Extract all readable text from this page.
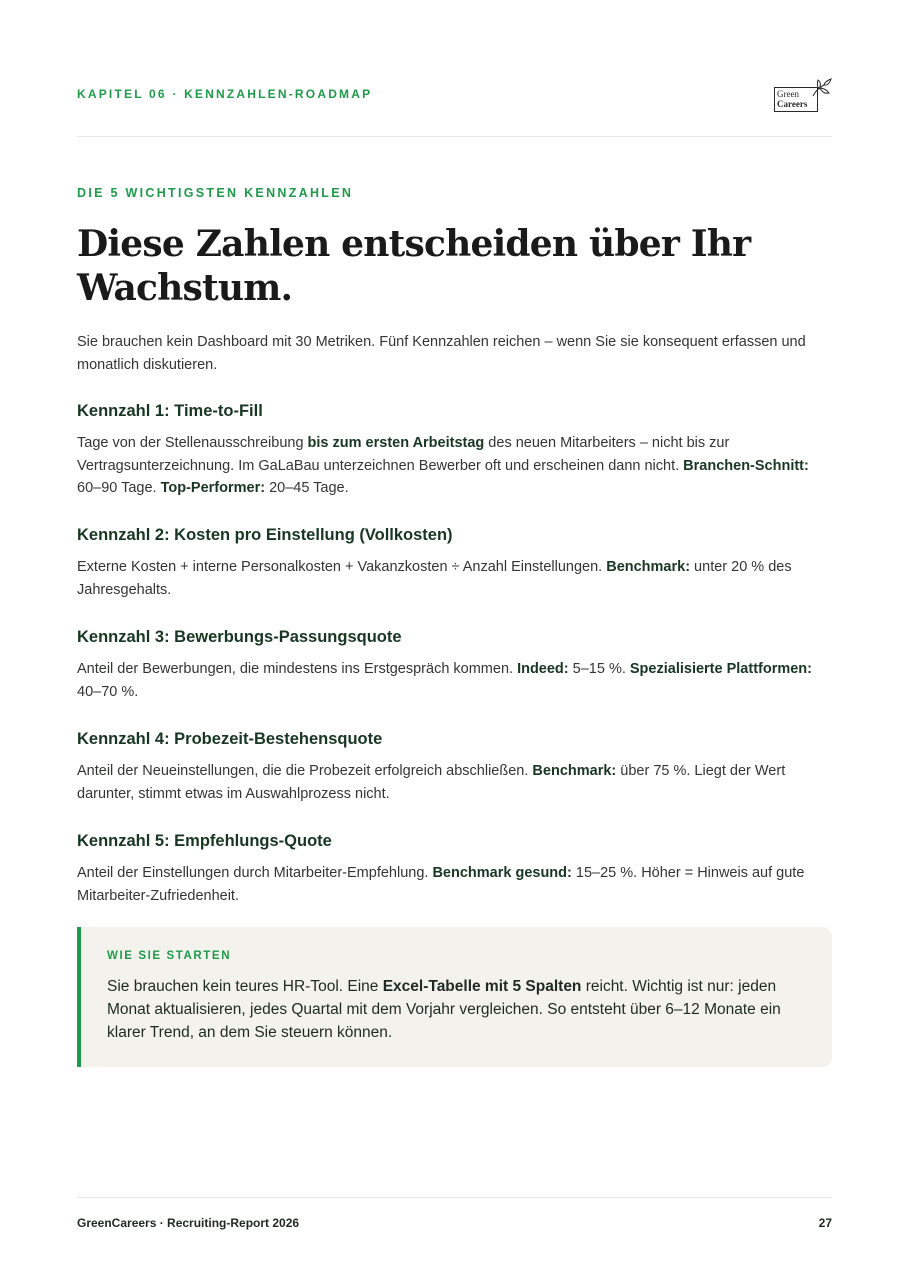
KAPITEL 06 · KENNZAHLEN-ROADMAP	Green
Careers
DIE 5 WICHTIGSTEN KENNZAHLEN
Diese Zahlen entscheiden über Ihr Wachstum.

Sie brauchen kein Dashboard mit 30 Metriken. Fünf Kennzahlen reichen – wenn Sie sie konsequent erfassen und monatlich diskutieren.

Kennzahl 1: Time-to-Fill

Tage von der Stellenausschreibung bis zum ersten Arbeitstag des neuen Mitarbeiters – nicht bis zur Vertragsunterzeichnung. Im GaLaBau unterzeichnen Bewerber oft und erscheinen dann nicht. Branchen-Schnitt: 60–90 Tage. Top-Performer: 20–45 Tage.

Kennzahl 2: Kosten pro Einstellung (Vollkosten)

Externe Kosten + interne Personalkosten + Vakanzkosten ÷ Anzahl Einstellungen. Benchmark: unter 20 % des Jahresgehalts.

Kennzahl 3: Bewerbungs-Passungsquote

Anteil der Bewerbungen, die mindestens ins Erstgespräch kommen. Indeed: 5–15 %. Spezialisierte Plattformen: 40–70 %.

Kennzahl 4: Probezeit-Bestehensquote

Anteil der Neueinstellungen, die die Probezeit erfolgreich abschließen. Benchmark: über 75 %. Liegt der Wert darunter, stimmt etwas im Auswahlprozess nicht.

Kennzahl 5: Empfehlungs-Quote

Anteil der Einstellungen durch Mitarbeiter-Empfehlung. Benchmark gesund: 15–25 %. Höher = Hinweis auf gute Mitarbeiter-Zufriedenheit.

WIE SIE STARTEN

Sie brauchen kein teures HR-Tool. Eine Excel-Tabelle mit 5 Spalten reicht. Wichtig ist nur: jeden Monat aktualisieren, jedes Quartal mit dem Vorjahr vergleichen. So entsteht über 6–12 Monate ein klarer Trend, an dem Sie steuern können.

GreenCareers · Recruiting-Report 2026	27
